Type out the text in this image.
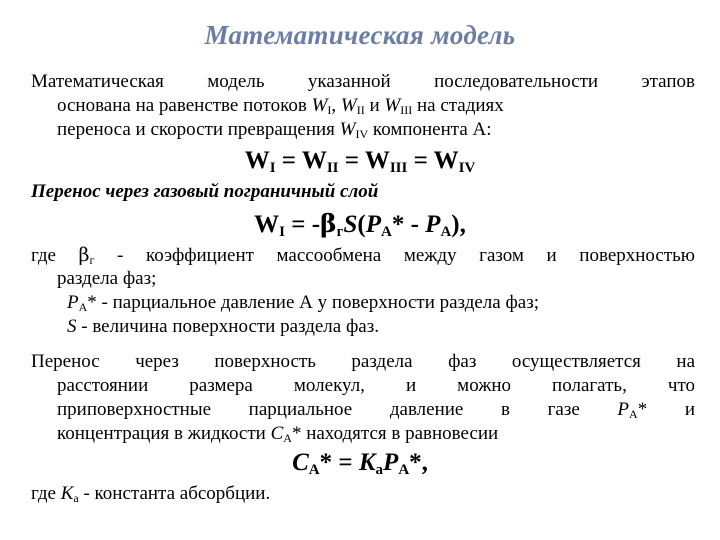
Математическая модель
Математическая модель указанной последовательности этапов
основана на равенстве потоков $W_I$, $W_{II}$ и $W_{III}$ на стадиях
переноса и скорости превращения $W_{IV}$ компонента А:
$W_I = W_{II} = W_{III} = W_{IV}$
Перенос через газовый пограничный слой
$W_I = -\beta_гS(P_A* - P_A)$,
где $\beta_г$ - коэффициент массообмена между газом и поверхностью
раздела фаз;
$P_A*$ - парциальное давление А у поверхности раздела фаз;
S - величина поверхности раздела фаз.
Перенос через поверхность раздела фаз осуществляется на
расстоянии размера молекул, и можно полагать, что
приповерхностные парциальное давление в газе $P_A*$ и
концентрация в жидкости $C_A*$ находятся в равновесии
$C_A* = K_aP_A*$,
где $K_а$ - константа абсорбции.
